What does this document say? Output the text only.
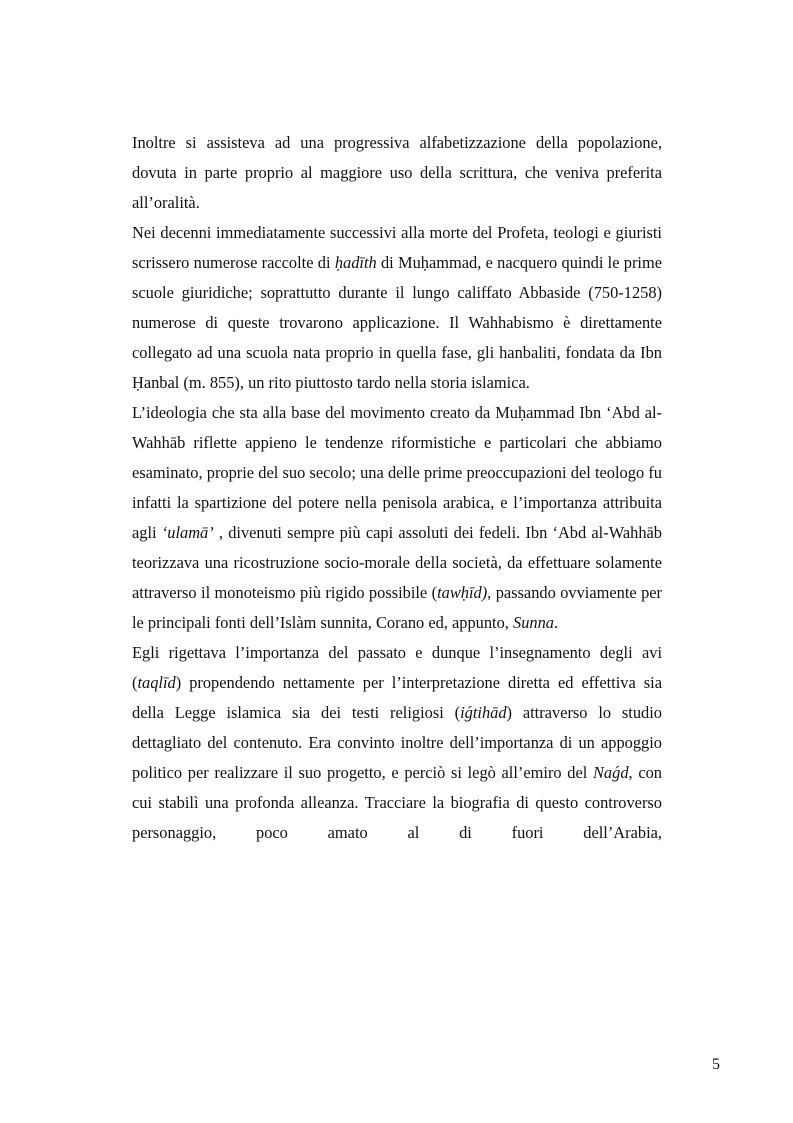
Inoltre si assisteva ad una progressiva alfabetizzazione della popolazione, dovuta in parte proprio al maggiore uso della scrittura, che veniva preferita all’oralità.

Nei decenni immediatamente successivi alla morte del Profeta, teologi e giuristi scrissero numerose raccolte di ḥadīth di Muḥammad, e nacquero quindi le prime scuole giuridiche; soprattutto durante il lungo califfato Abbaside (750-1258) numerose di queste trovarono applicazione. Il Wahhabismo è direttamente collegato ad una scuola nata proprio in quella fase, gli hanbaliti, fondata da Ibn Ḥanbal (m. 855), un rito piuttosto tardo nella storia islamica.

L’ideologia che sta alla base del movimento creato da Muḥammad Ibn ‘Abd al-Wahhāb riflette appieno le tendenze riformistiche e particolari che abbiamo esaminato, proprie del suo secolo; una delle prime preoccupazioni del teologo fu infatti la spartizione del potere nella penisola arabica, e l’importanza attribuita agli ‘ulamā’ , divenuti sempre più capi assoluti dei fedeli. Ibn ‘Abd al-Wahhāb teorizzava una ricostruzione socio-morale della società, da effettuare solamente attraverso il monoteismo più rigido possibile (tawḥīd), passando ovviamente per le principali fonti dell’Islàm sunnita, Corano ed, appunto, Sunna.

Egli rigettava l’importanza del passato e dunque l’insegnamento degli avi (taqlīd) propendendo nettamente per l’interpretazione diretta ed effettiva sia della Legge islamica sia dei testi religiosi (iǵtihād) attraverso lo studio dettagliato del contenuto. Era convinto inoltre dell’importanza di un appoggio politico per realizzare il suo progetto, e perciò si legò all’emiro del Naǵd, con cui stabilì una profonda alleanza. Tracciare la biografia di questo controverso personaggio, poco amato al di fuori dell’Arabia,

5
